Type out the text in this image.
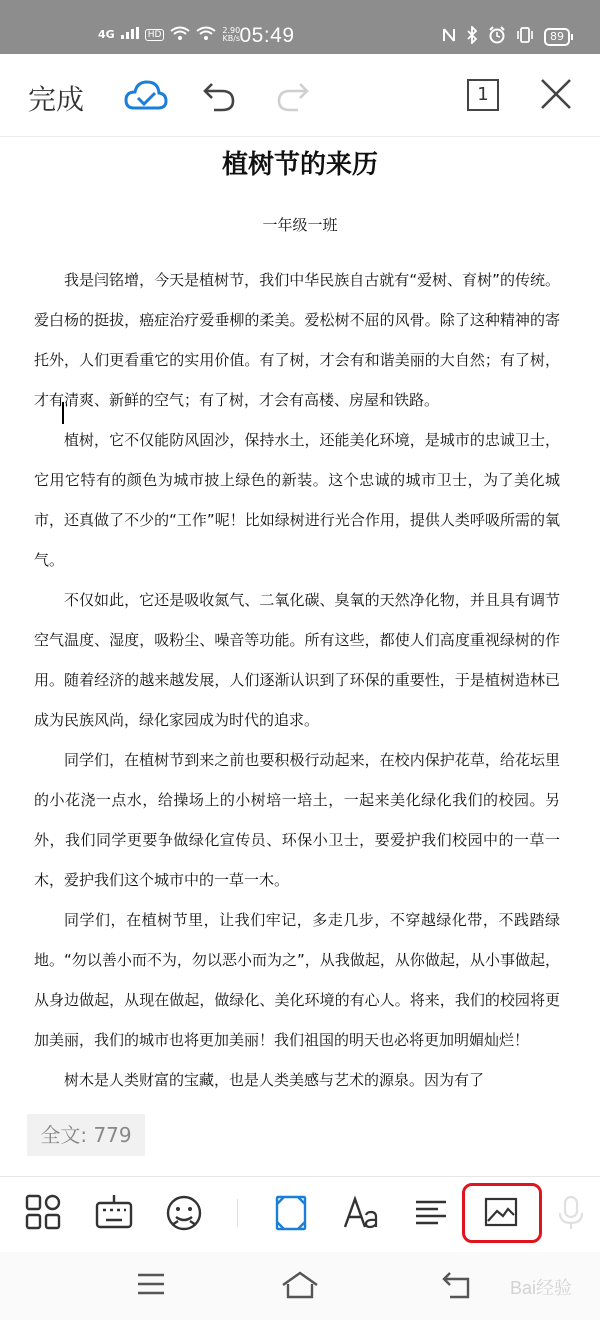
4G	HD	2.90
KB/s 05:49	89
完成	1
植树节的来历
一年级一班

我是闫铭增，今天是植树节，我们中华民族自古就有“爱树、育树”的传统。爱白杨的挺拔，癌症治疗爱垂柳的柔美。爱松树不屈的风骨。除了这种精神的寄托外，人们更看重它的实用价值。有了树，才会有和谐美丽的大自然；有了树，才有清爽、新鲜的空气；有了树，才会有高楼、房屋和铁路。

植树，它不仅能防风固沙，保持水土，还能美化环境，是城市的忠诚卫士，它用它特有的颜色为城市披上绿色的新装。这个忠诚的城市卫士，为了美化城市，还真做了不少的“工作”呢！比如绿树进行光合作用，提供人类呼吸所需的氧气。

不仅如此，它还是吸收氮气、二氧化碳、臭氧的天然净化物，并且具有调节空气温度、湿度，吸粉尘、噪音等功能。所有这些，都使人们高度重视绿树的作用。随着经济的越来越发展，人们逐渐认识到了环保的重要性，于是植树造林已成为民族风尚，绿化家园成为时代的追求。

同学们，在植树节到来之前也要积极行动起来，在校内保护花草，给花坛里的小花浇一点水，给操场上的小树培一培土，一起来美化绿化我们的校园。另外，我们同学更要争做绿化宣传员、环保小卫士，要爱护我们校园中的一草一木，爱护我们这个城市中的一草一木。

同学们，在植树节里，让我们牢记，多走几步，不穿越绿化带，不践踏绿地。“勿以善小而不为，勿以恶小而为之”，从我做起，从你做起，从小事做起，从身边做起，从现在做起，做绿化、美化环境的有心人。将来，我们的校园将更加美丽，我们的城市也将更加美丽！我们祖国的明天也必将更加明媚灿烂！

树木是人类财富的宝藏，也是人类美感与艺术的源泉。因为有了

全文: 779
Bai经验
